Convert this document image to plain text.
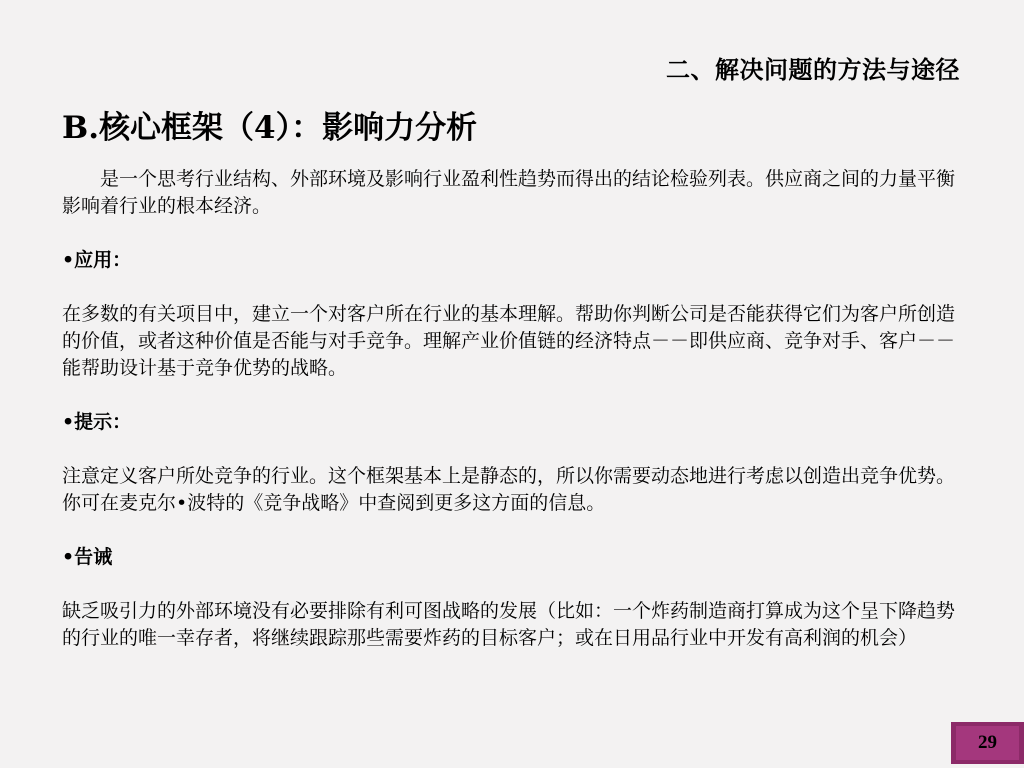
二、解决问题的方法与途径
B.核心框架（4）：影响力分析

是一个思考行业结构、外部环境及影响行业盈利性趋势而得出的结论检验列表。供应商之间的力量平衡影响着行业的根本经济。

•应用：

在多数的有关项目中，建立一个对客户所在行业的基本理解。帮助你判断公司是否能获得它们为客户所创造的价值，或者这种价值是否能与对手竞争。理解产业价值链的经济特点－－即供应商、竞争对手、客户－－能帮助设计基于竞争优势的战略。

•提示：

注意定义客户所处竞争的行业。这个框架基本上是静态的，所以你需要动态地进行考虑以创造出竞争优势。你可在麦克尔•波特的《竞争战略》中查阅到更多这方面的信息。

•告诫

缺乏吸引力的外部环境没有必要排除有利可图战略的发展（比如：一个炸药制造商打算成为这个呈下降趋势的行业的唯一幸存者，将继续跟踪那些需要炸药的目标客户；或在日用品行业中开发有高利润的机会）

29
